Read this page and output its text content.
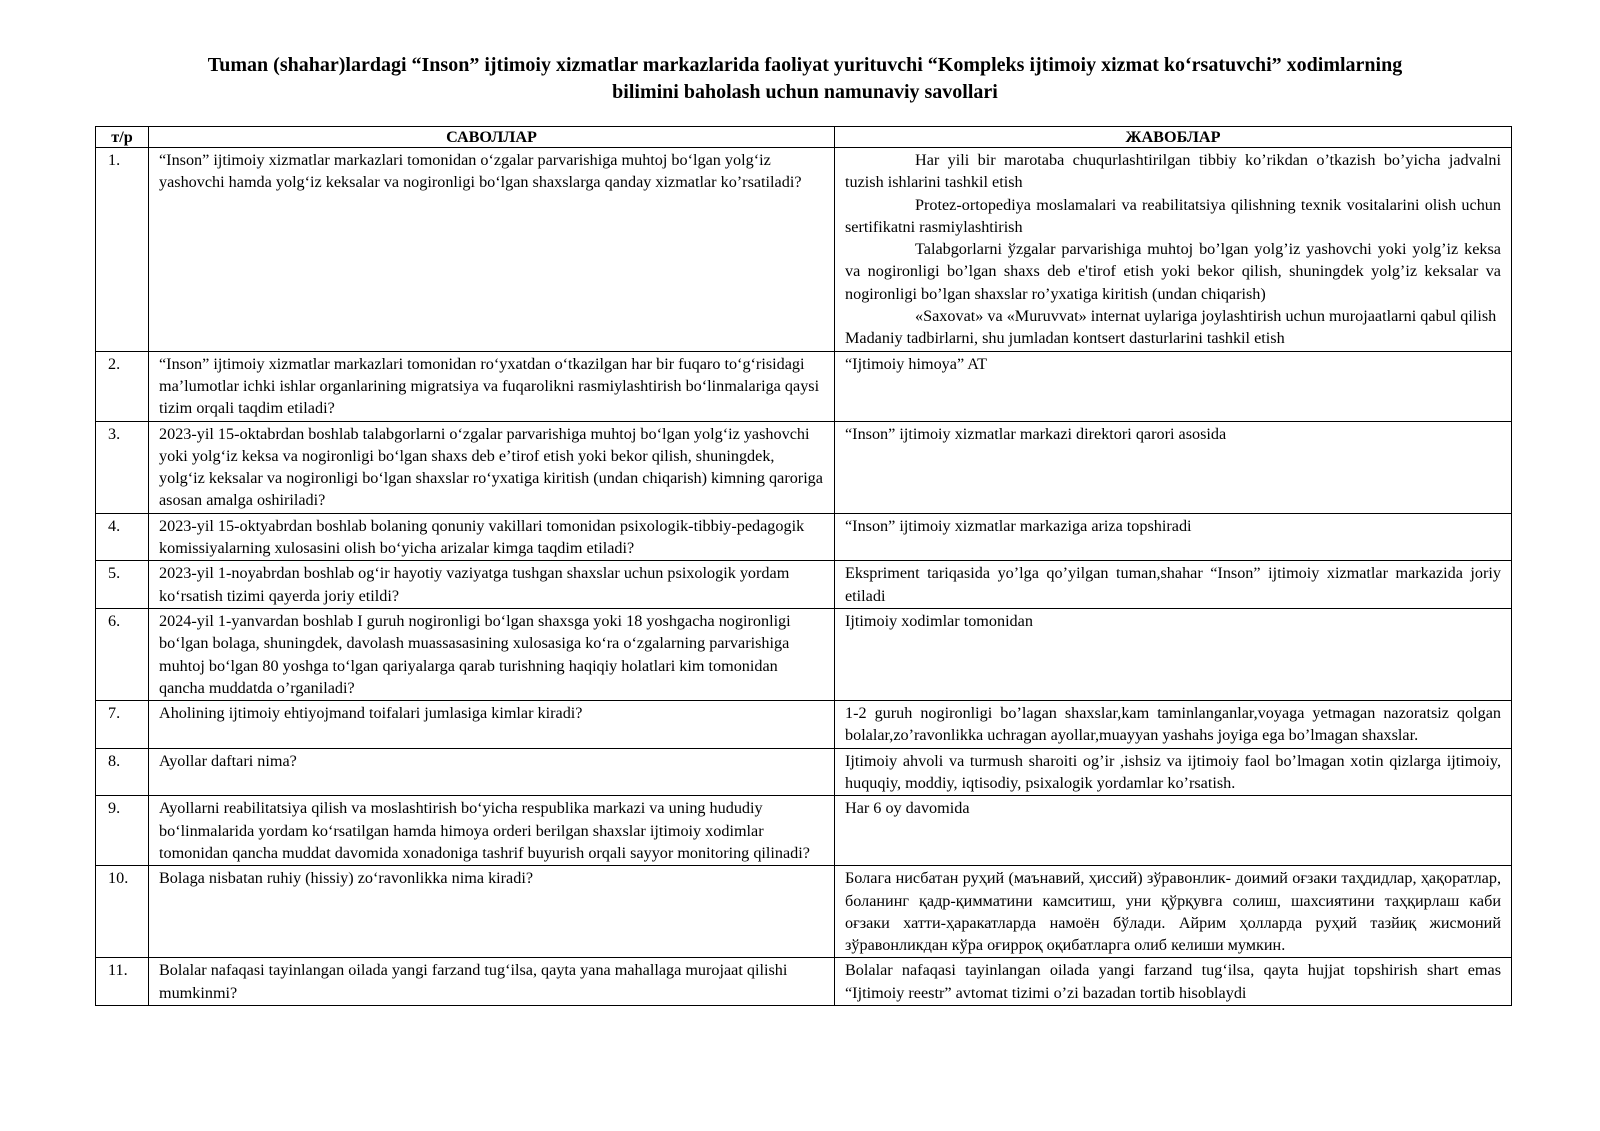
Tuman (shahar)lardagi “Inson” ijtimoiy xizmatlar markazlarida faoliyat yurituvchi “Kompleks ijtimoiy xizmat koʻrsatuvchi” xodimlarning
bilimini baholash uchun namunaviy savollari
т/р	САВОЛЛАР	ЖАВОБЛАР
1.	“Inson” ijtimoiy xizmatlar markazlari tomonidan oʻzgalar parvarishiga muhtoj boʻlgan yolgʻiz yashovchi hamda yolgʻiz keksalar va nogironligi boʻlgan shaxslarga qanday xizmatlar ko’rsatiladi?	Har yili bir marotaba chuqurlashtirilgan tibbiy ko’rikdan o’tkazish bo’yicha jadvalni tuzish ishlarini tashkil etish

Protez-ortopediya moslamalari va reabilitatsiya qilishning texnik vositalarini olish uchun sertifikatni rasmiylashtirish

Talabgorlarni ўzgalar parvarishiga muhtoj bo’lgan yolg’iz yashovchi yoki yolg’iz keksa va nogironligi bo’lgan shaxs deb e'tirof etish yoki bekor qilish, shuningdek yolg’iz keksalar va nogironligi bo’lgan shaxslar ro’yxatiga kiritish (undan chiqarish)

«Saxovat» va «Muruvvat» internat uylariga joylashtirish uchun murojaatlarni qabul qilish

Madaniy tadbirlarni, shu jumladan kontsert dasturlarini tashkil etish

2.	“Inson” ijtimoiy xizmatlar markazlari tomonidan roʻyxatdan oʻtkazilgan har bir fuqaro toʻgʻrisidagi maʼlumotlar ichki ishlar organlarining migratsiya va fuqarolikni rasmiylashtirish boʻlinmalariga qaysi tizim orqali taqdim etiladi?	“Ijtimoiy himoya” AT
3.	2023-yil 15-oktabrdan boshlab talabgorlarni oʻzgalar parvarishiga muhtoj boʻlgan yolgʻiz yashovchi yoki yolgʻiz keksa va nogironligi boʻlgan shaxs deb eʼtirof etish yoki bekor qilish, shuningdek, yolgʻiz keksalar va nogironligi boʻlgan shaxslar roʻyxatiga kiritish (undan chiqarish) kimning qaroriga asosan amalga oshiriladi?	“Inson” ijtimoiy xizmatlar markazi direktori qarori asosida
4.	2023-yil 15-oktyabrdan boshlab bolaning qonuniy vakillari tomonidan psixologik-tibbiy-pedagogik komissiyalarning xulosasini olish boʻyicha arizalar kimga taqdim etiladi?	“Inson” ijtimoiy xizmatlar markaziga ariza topshiradi
5.	2023-yil 1-noyabrdan boshlab ogʻir hayotiy vaziyatga tushgan shaxslar uchun psixologik yordam koʻrsatish tizimi qayerda joriy etildi?	Ekspriment tariqasida yo’lga qo’yilgan tuman,shahar “Inson” ijtimoiy xizmatlar markazida joriy etiladi
6.	2024-yil 1-yanvardan boshlab I guruh nogironligi boʻlgan shaxsga yoki 18 yoshgacha nogironligi boʻlgan bolaga, shuningdek, davolash muassasasining xulosasiga koʻra oʻzgalarning parvarishiga muhtoj boʻlgan 80 yoshga toʻlgan qariyalarga qarab turishning haqiqiy holatlari kim tomonidan qancha muddatda o’rganiladi?	Ijtimoiy xodimlar tomonidan
7.	Aholining ijtimoiy ehtiyojmand toifalari jumlasiga kimlar kiradi?	1-2 guruh nogironligi bo’lagan shaxslar,kam taminlanganlar,voyaga yetmagan nazoratsiz qolgan bolalar,zo’ravonlikka uchragan ayollar,muayyan yashahs joyiga ega bo’lmagan shaxslar.
8.	Ayollar daftari nima?	Ijtimoiy ahvoli va turmush sharoiti og’ir ,ishsiz va ijtimoiy faol bo’lmagan xotin qizlarga ijtimoiy, huquqiy, moddiy, iqtisodiy, psixalogik yordamlar ko’rsatish.
9.	Ayollarni reabilitatsiya qilish va moslashtirish boʻyicha respublika markazi va uning hududiy boʻlinmalarida yordam koʻrsatilgan hamda himoya orderi berilgan shaxslar ijtimoiy xodimlar tomonidan qancha muddat davomida xonadoniga tashrif buyurish orqali sayyor monitoring qilinadi?	Har 6 oy davomida
10.	Bolaga nisbatan ruhiy (hissiy) zoʻravonlikka nima kiradi?	Болага нисбатан руҳий (маънавий, ҳиссий) зўравонлик- доимий оғзаки таҳдидлар, ҳақоратлар, боланинг қадр-қимматини камситиш, уни қўрқувга солиш, шахсиятини таҳқирлаш каби оғзаки хатти-ҳаракатларда намоён бўлади. Айрим ҳолларда руҳий тазйиқ жисмоний зўравонликдан кўра оғирроқ оқибатларга олиб келиши мумкин.
11.	Bolalar nafaqasi tayinlangan oilada yangi farzand tugʻilsa, qayta yana mahallaga murojaat qilishi mumkinmi?	Bolalar nafaqasi tayinlangan oilada yangi farzand tug‘ilsa, qayta hujjat topshirish shart emas “Ijtimoiy reestr” avtomat tizimi o’zi bazadan tortib hisoblaydi
